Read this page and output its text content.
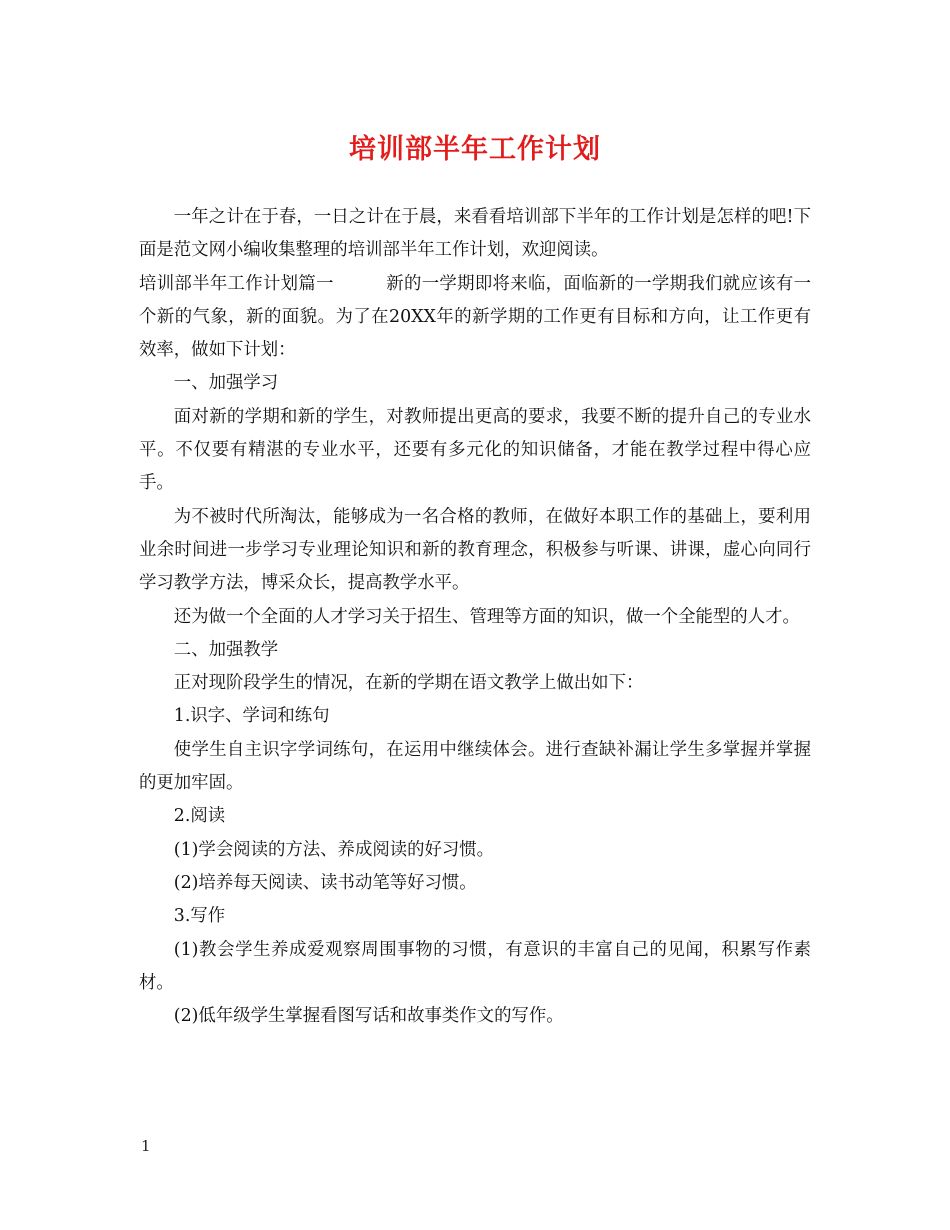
培训部半年工作计划

一年之计在于春，一日之计在于晨，来看看培训部下半年的工作计划是怎样的吧!下面是范文网小编收集整理的培训部半年工作计划，欢迎阅读。

培训部半年工作计划篇一	新的一学期即将来临，面临新的一学期我们就应该有一个新的气象，新的面貌。为了在20XX年的新学期的工作更有目标和方向，让工作更有效率，做如下计划：

一、加强学习

面对新的学期和新的学生，对教师提出更高的要求，我要不断的提升自己的专业水平。不仅要有精湛的专业水平，还要有多元化的知识储备，才能在教学过程中得心应手。

为不被时代所淘汰，能够成为一名合格的教师，在做好本职工作的基础上，要利用业余时间进一步学习专业理论知识和新的教育理念，积极参与听课、讲课，虚心向同行学习教学方法，博采众长，提高教学水平。

还为做一个全面的人才学习关于招生、管理等方面的知识，做一个全能型的人才。

二、加强教学

正对现阶段学生的情况，在新的学期在语文教学上做出如下：

1.识字、学词和练句

使学生自主识字学词练句，在运用中继续体会。进行查缺补漏让学生多掌握并掌握的更加牢固。

2.阅读

(1)学会阅读的方法、养成阅读的好习惯。

(2)培养每天阅读、读书动笔等好习惯。

3.写作

(1)教会学生养成爱观察周围事物的习惯，有意识的丰富自己的见闻，积累写作素材。

(2)低年级学生掌握看图写话和故事类作文的写作。

1
